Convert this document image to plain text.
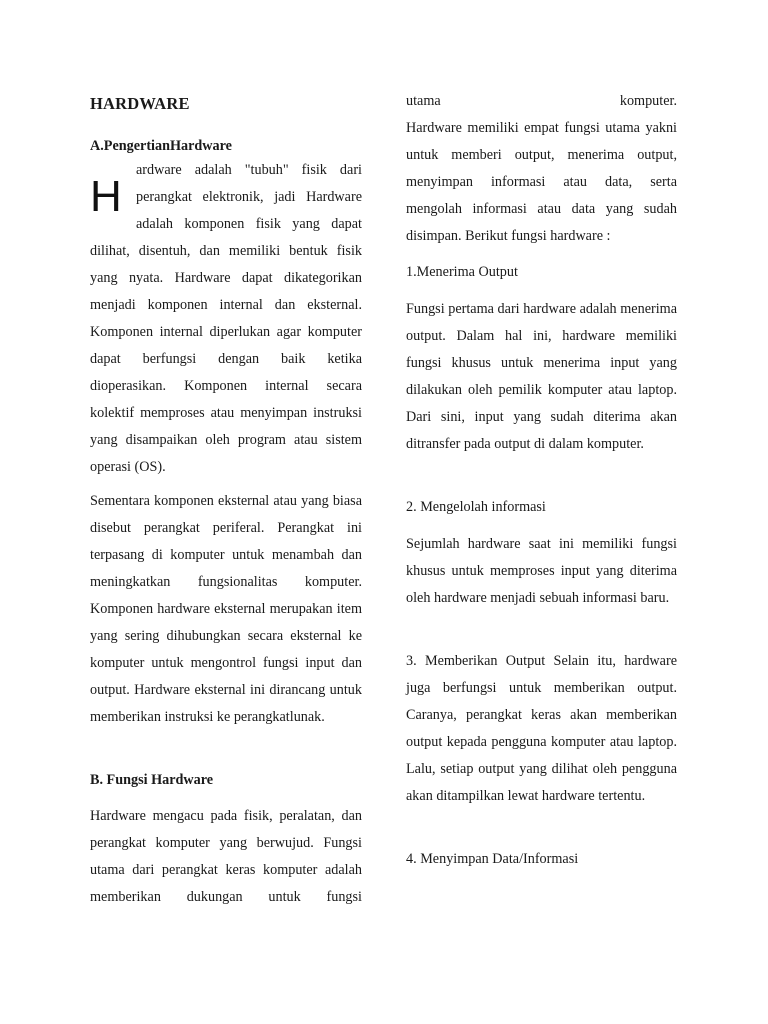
HARDWARE
A.PengertianHardware

H
ardware adalah "tubuh" fisik dari perangkat elektronik, jadi Hardware adalah komponen fisik yang dapat dilihat, disentuh, dan memiliki bentuk fisik yang nyata. Hardware dapat dikategorikan menjadi komponen internal dan eksternal. Komponen internal diperlukan agar komputer dapat berfungsi dengan baik ketika dioperasikan. Komponen internal secara kolektif memproses atau menyimpan instruksi yang disampaikan oleh program atau sistem operasi (OS).

Sementara komponen eksternal atau yang biasa disebut perangkat periferal. Perangkat ini terpasang di komputer untuk menambah dan meningkatkan fungsionalitas komputer. Komponen hardware eksternal merupakan item yang sering dihubungkan secara eksternal ke komputer untuk mengontrol fungsi input dan output. Hardware eksternal ini dirancang untuk memberikan instruksi ke perangkatlunak.

B. Fungsi Hardware

Hardware mengacu pada fisik, peralatan, dan perangkat komputer yang berwujud. Fungsi utama dari perangkat keras komputer adalah memberikan dukungan untuk fungsi

utama komputer.

Hardware memiliki empat fungsi utama yakni untuk memberi output, menerima output, menyimpan informasi atau data, serta mengolah informasi atau data yang sudah disimpan. Berikut fungsi hardware :

1.Menerima Output

Fungsi pertama dari hardware adalah menerima output. Dalam hal ini, hardware memiliki fungsi khusus untuk menerima input yang dilakukan oleh pemilik komputer atau laptop. Dari sini, input yang sudah diterima akan ditransfer pada output di dalam komputer.

2. Mengelolah informasi

Sejumlah hardware saat ini memiliki fungsi khusus untuk memproses input yang diterima oleh hardware menjadi sebuah informasi baru.

3. Memberikan Output Selain itu, hardware juga berfungsi untuk memberikan output. Caranya, perangkat keras akan memberikan output kepada pengguna komputer atau laptop. Lalu, setiap output yang dilihat oleh pengguna akan ditampilkan lewat hardware tertentu.

4. Menyimpan Data/Informasi
